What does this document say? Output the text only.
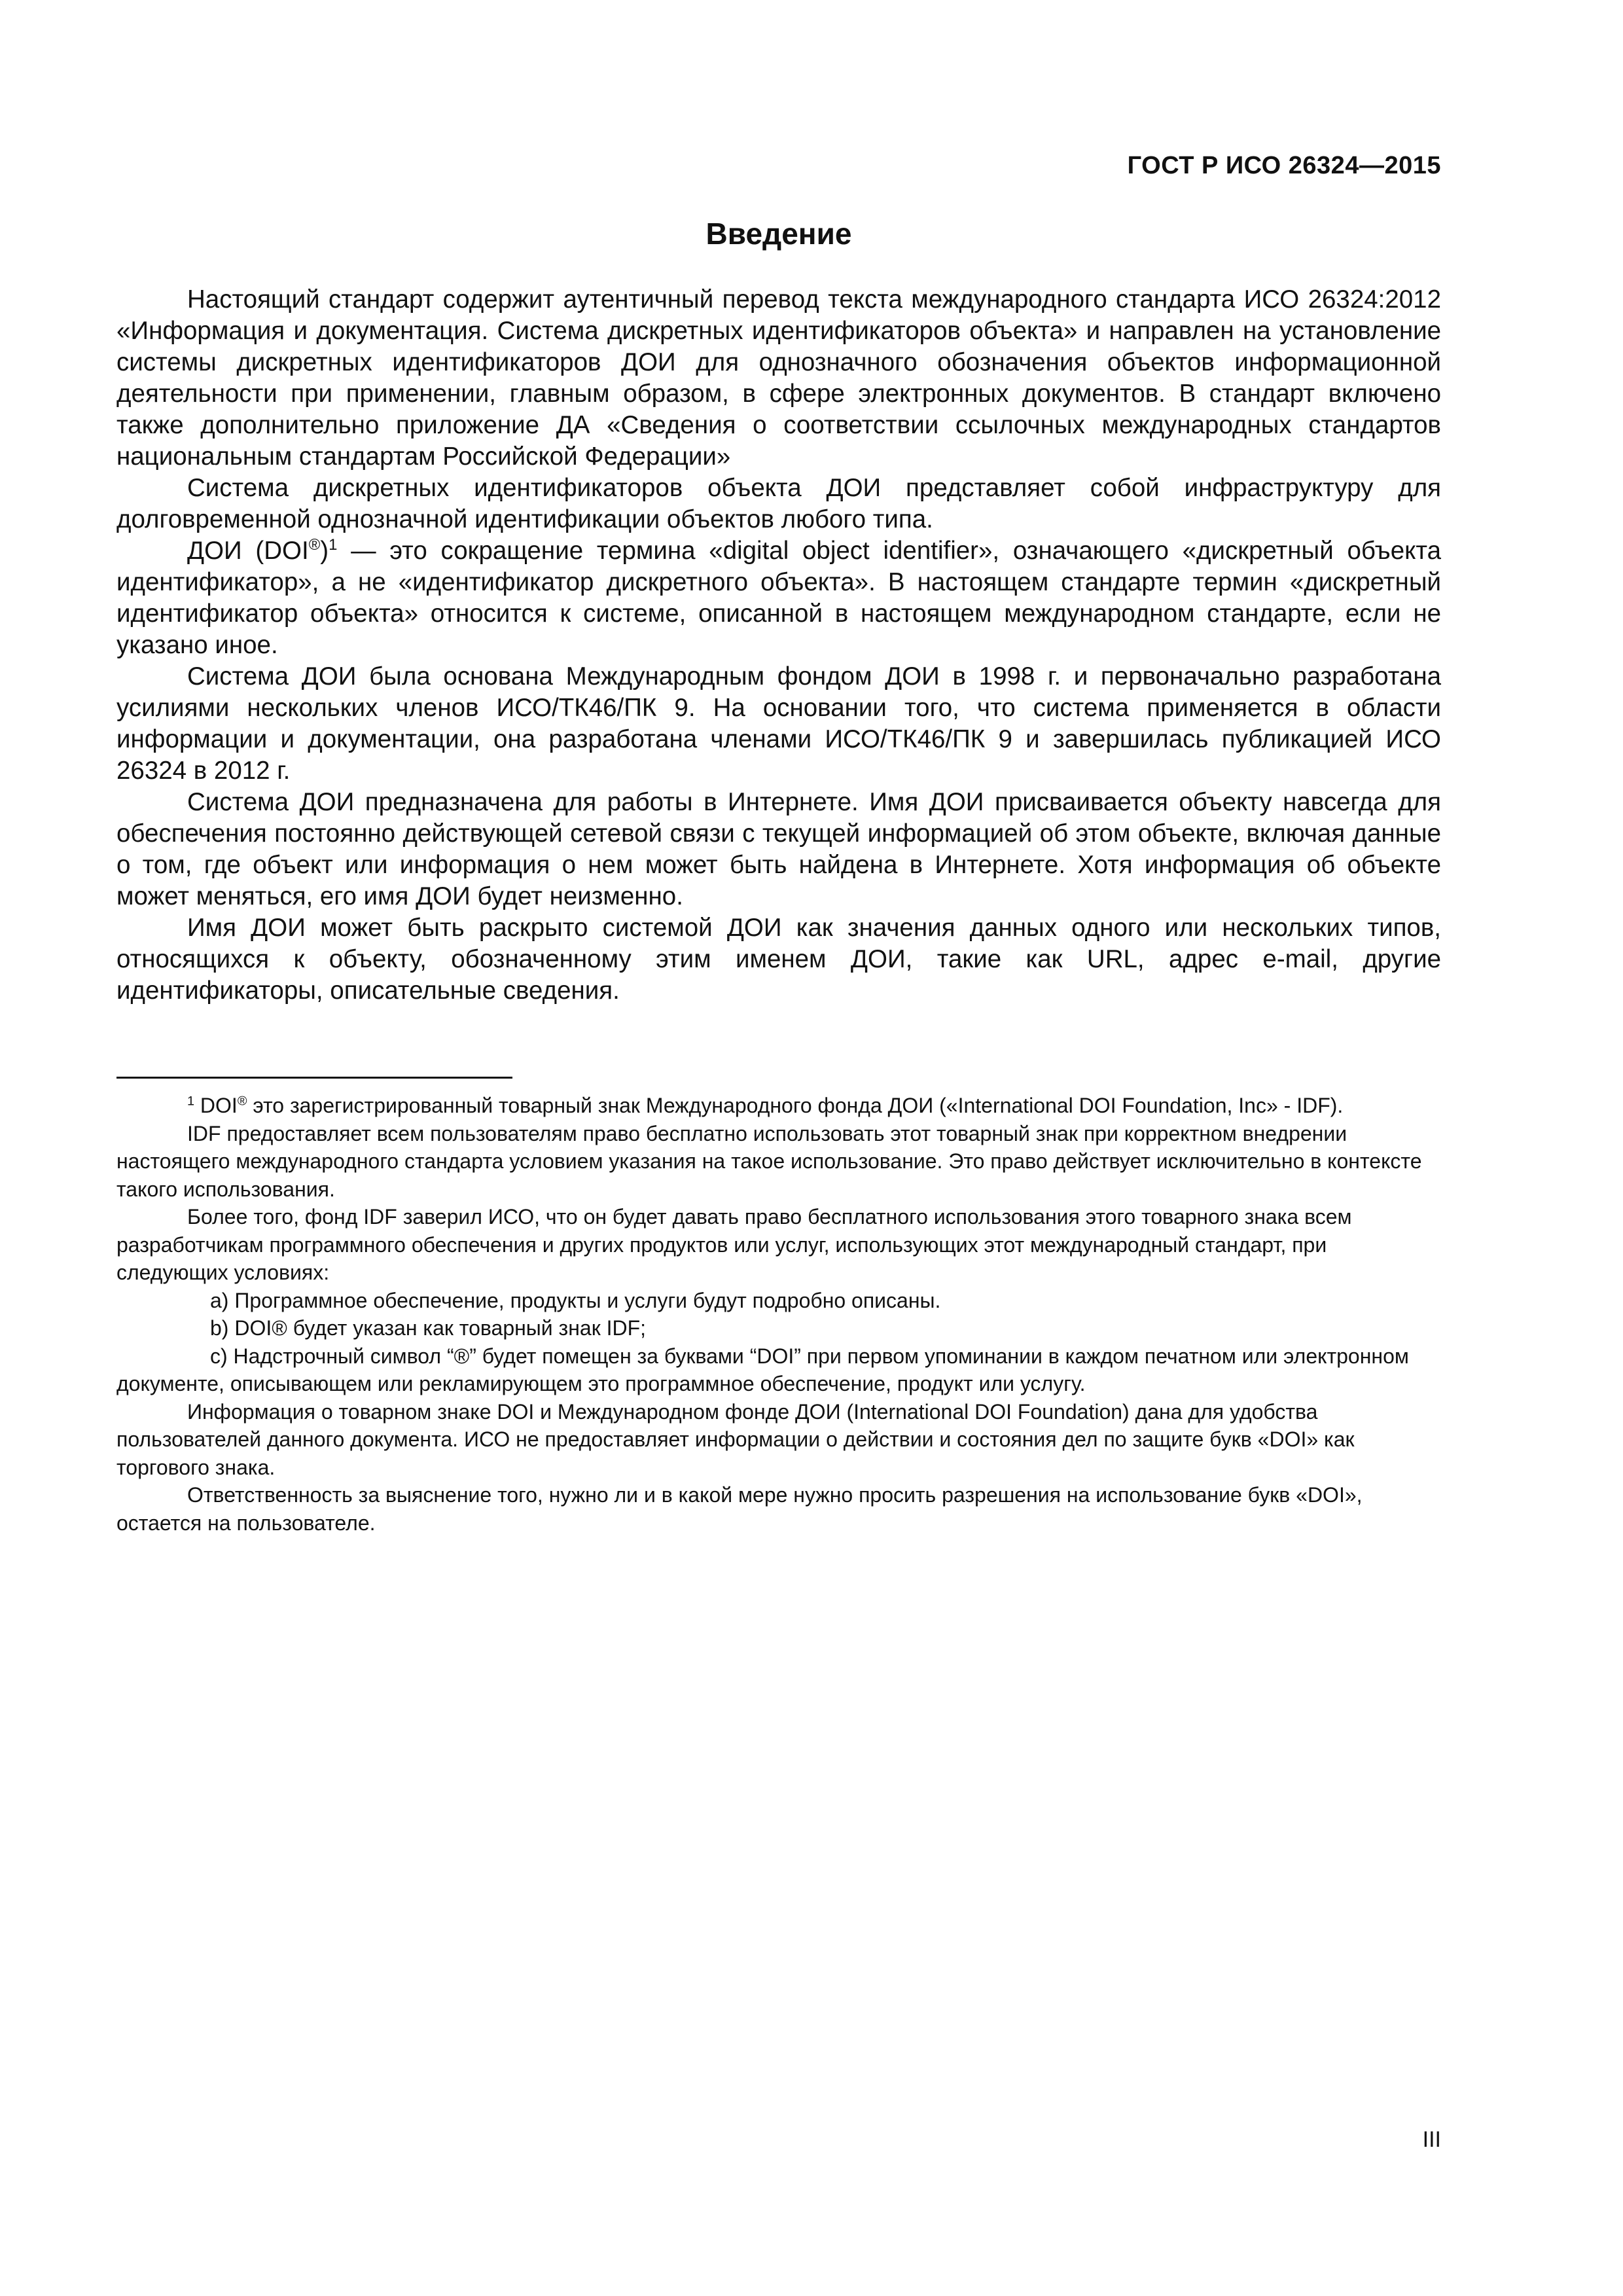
ГОСТ Р ИСО 26324—2015
Введение

Настоящий стандарт содержит аутентичный перевод текста международного стандарта ИСО 26324:2012 «Информация и документация. Система дискретных идентификаторов объекта» и направлен на установление системы дискретных идентификаторов ДОИ для однозначного обозначения объектов информационной деятельности при применении, главным образом, в сфере электронных документов. В стандарт включено также дополнительно приложение ДА «Сведения о соответствии ссылочных международных стандартов национальным стандартам Российской Федерации»

Система дискретных идентификаторов объекта ДОИ представляет собой инфраструктуру для долговременной однозначной идентификации объектов любого типа.

ДОИ $(DOI®)^1$ — это сокращение термина «digital object identifier», означающего «дискретный объекта идентификатор», а не «идентификатор дискретного объекта». В настоящем стандарте термин «дискретный идентификатор объекта» относится к системе, описанной в настоящем международном стандарте, если не указано иное.

Система ДОИ была основана Международным фондом ДОИ в 1998 г. и первоначально разработана усилиями нескольких членов ИСО/ТК46/ПК 9. На основании того, что система применяется в области информации и документации, она разработана членами ИСО/ТК46/ПК 9 и завершилась публикацией ИСО 26324 в 2012 г.

Система ДОИ предназначена для работы в Интернете. Имя ДОИ присваивается объекту навсегда для обеспечения постоянно действующей сетевой связи с текущей информацией об этом объекте, включая данные о том, где объект или информация о нем может быть найдена в Интернете. Хотя информация об объекте может меняться, его имя ДОИ будет неизменно.

Имя ДОИ может быть раскрыто системой ДОИ как значения данных одного или нескольких типов, относящихся к объекту, обозначенному этим именем ДОИ, такие как URL, адрес e-mail, другие идентификаторы, описательные сведения.

$^1$ DOI® это зарегистрированный товарный знак Международного фонда ДОИ («International DOI Foundation, Inc» - IDF).

IDF предоставляет всем пользователям право бесплатно использовать этот товарный знак при корректном внедрении настоящего международного стандарта условием указания на такое использование. Это право действует исключительно в контексте такого использования.

Более того, фонд IDF заверил ИСО, что он будет давать право бесплатного использования этого товарного знака всем разработчикам программного обеспечения и других продуктов или услуг, использующих этот международный стандарт, при следующих условиях:

a) Программное обеспечение, продукты и услуги будут подробно описаны.

b) DOI® будет указан как товарный знак IDF;

c) Надстрочный символ “®” будет помещен за буквами “DOI” при первом упоминании в каждом печатном или электронном документе, описывающем или рекламирующем это программное обеспечение, продукт или услугу.

Информация о товарном знаке DOI и Международном фонде ДОИ (International DOI Foundation) дана для удобства пользователей данного документа. ИСО не предоставляет информации о действии и состояния дел по защите букв «DOI» как торгового знака.

Ответственность за выяснение того, нужно ли и в какой мере нужно просить разрешения на использование букв «DOI», остается на пользователе.

III
